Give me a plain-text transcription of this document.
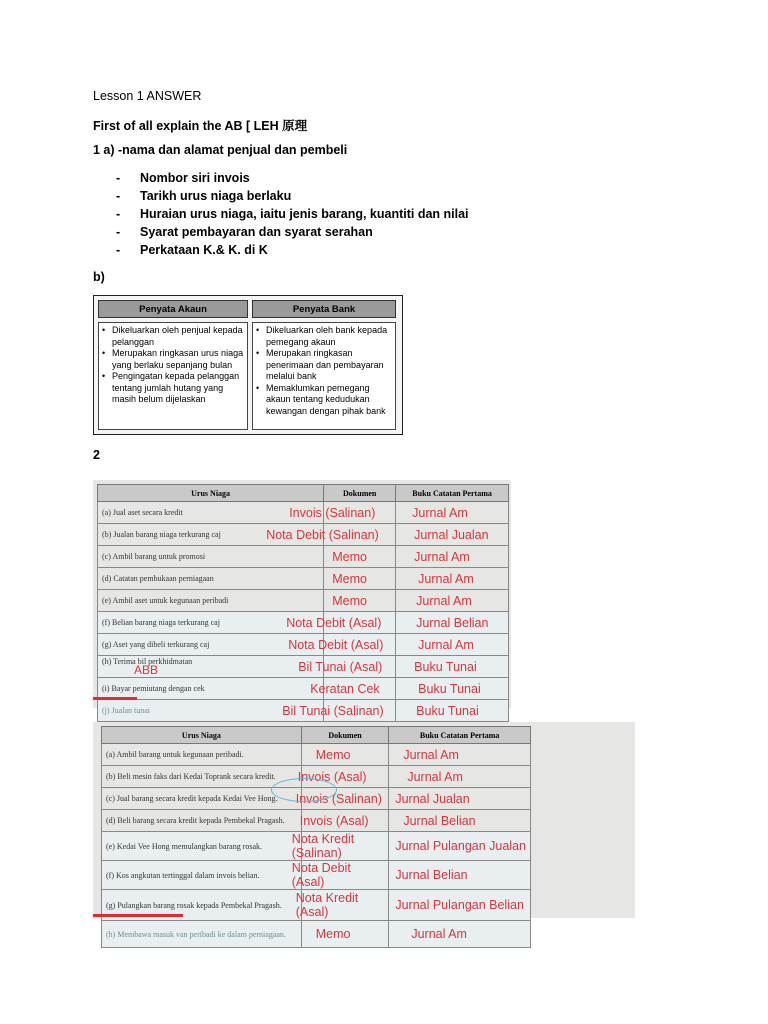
Lesson 1 ANSWER
First of all explain the AB [ LEH 原理
1 a) -nama dan alamat penjual dan pembeli
- Nombor siri invois
- Tarikh urus niaga berlaku
- Huraian urus niaga, iaitu jenis barang, kuantiti dan nilai
- Syarat pembayaran dan syarat serahan
- Perkataan K.& K. di K
b)
Penyata Akaun	Penyata Bank
• Dikeluarkan oleh penjual kepada pelanggan
• Merupakan ringkasan urus niaga yang berlaku sepanjang bulan
• Pengingatan kepada pelanggan tentang jumlah hutang yang masih belum dijelaskan
• Dikeluarkan oleh bank kepada pemegang akaun
• Merupakan ringkasan penerimaan dan pembayaran melalui bank
• Memaklumkan pemegang akaun tentang kedudukan kewangan dengan pihak bank
2
Urus Niaga	Dokumen	Buku Catatan Pertama
(a) Jual aset secara kredit	Invois (Salinan)	Jurnal Am
(b) Jualan barang niaga terkurang caj	Nota Debit (Salinan)	Jurnal Jualan
(c) Ambil barang untuk promosi	Memo	Jurnal Am
(d) Catatan pembukaan perniagaan	Memo	Jurnal Am
(e) Ambil aset untuk kegunaan peribadi	Memo	Jurnal Am
(f) Belian barang niaga terkurang caj	Nota Debit (Asal)	Jurnal Belian
(g) Aset yang dibeli terkurang caj	Nota Debit (Asal)	Jurnal Am
(h) Terima bil perkhidmatan
ABB	Bil Tunai (Asal)	Buku Tunai
(i) Bayar pemiutang dengan cek	Keratan Cek	Buku Tunai
(j) Jualan tunai	Bil Tunai (Salinan)	Buku Tunai
Urus Niaga	Dokumen	Buku Catatan Pertama
(a) Ambil barang untuk kegunaan peribadi.	Memo	Jurnal Am
(b) Beli mesin faks dari Kedai Toprank secara kredit.	Invois (Asal)	Jurnal Am
(c) Jual barang secara kredit kepada Kedai Vee Hong.	Invois (Salinan)	Jurnal Jualan
(d) Beli barang secara kredit kepada Pembekal Pragash.	Invois (Asal)	Jurnal Belian
(e) Kedai Vee Hong memulangkan barang rosak.	Nota Kredit (Salinan)	Jurnal Pulangan Jualan
(f) Kos angkutan tertinggal dalam invois belian.	Nota Debit (Asal)	Jurnal Belian
(g) Pulangkan barang rosak kepada Pembekal Pragash.	Nota Kredit (Asal)	Jurnal Pulangan Belian
(h) Membawa masuk van peribadi ke dalam perniagaan.	Memo	Jurnal Am
